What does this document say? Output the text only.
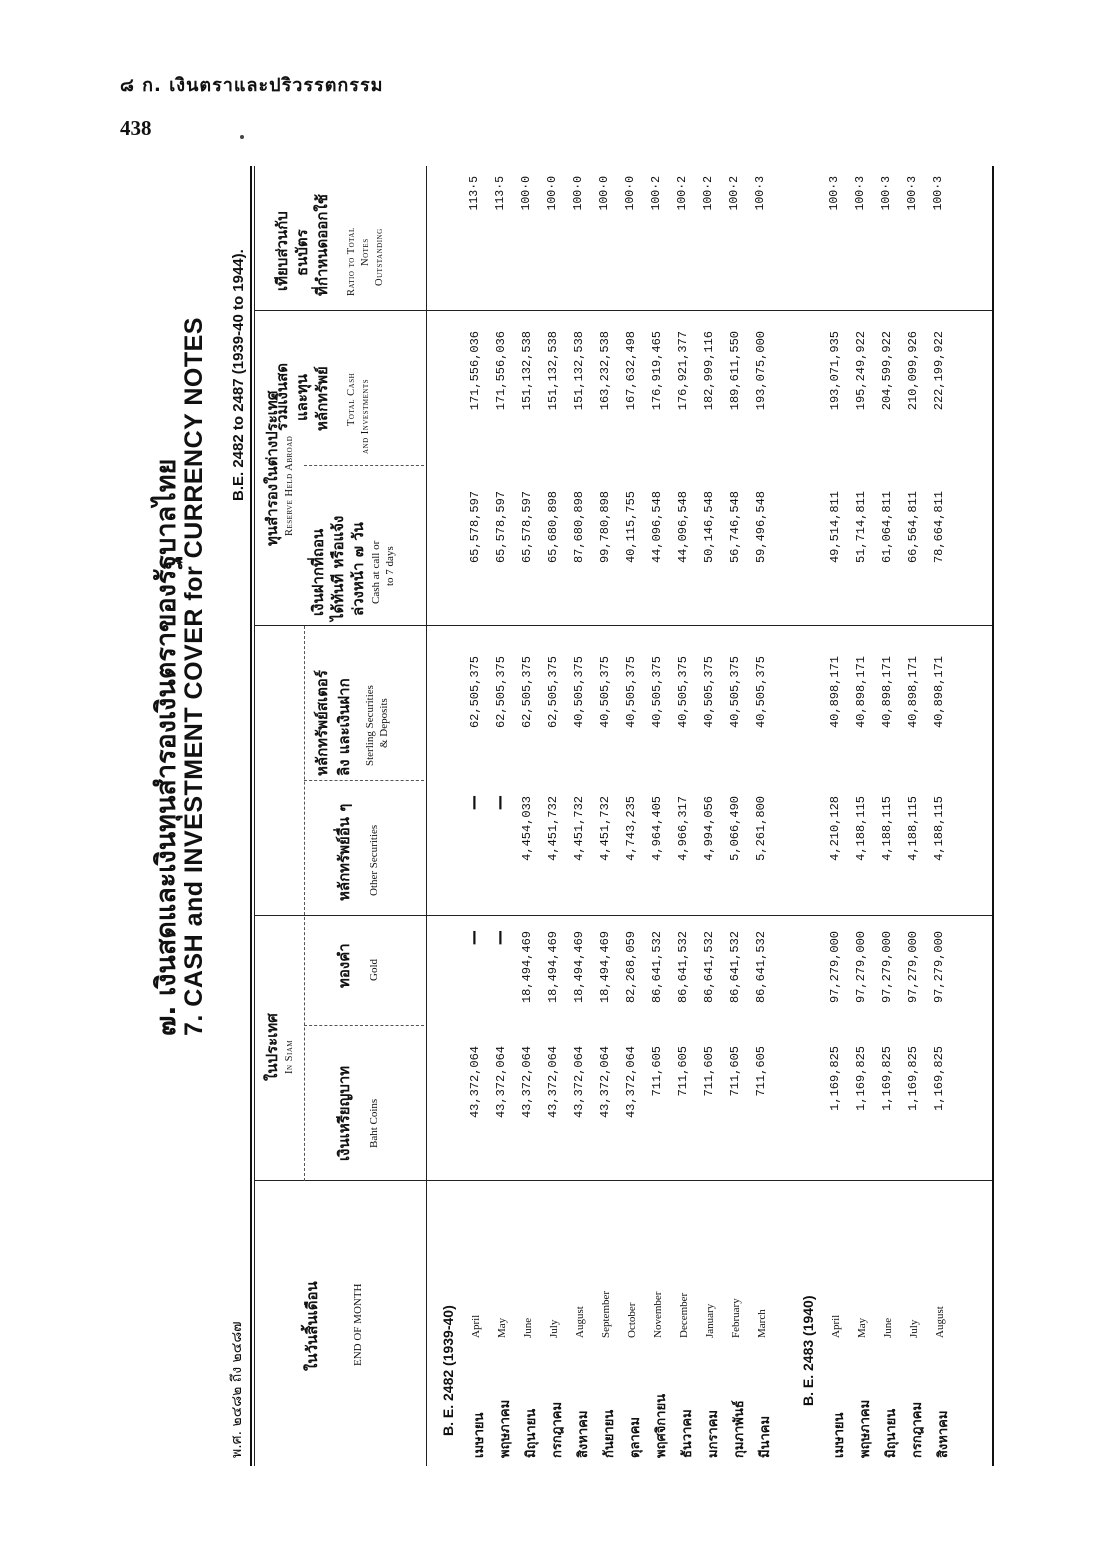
๘ ก. เงินตราและปริวรรตกรรม
438
๗. เงินสดและเงินทุนสำรองเงินตราของรัฐบาลไทย
7. CASH and INVESTMENT COVER for CURRENCY NOTES
พ.ศ. ๒๔๘๒ ถึง ๒๔๘๗
B.E. 2482 to 2487 (1939-40 to 1944).
ในวันสิ้นเดือน	END OF MONTH
ในประเทศ In Siam
ทุนสำรองในต่างประเทศ Reserve Held Abroad
เงินเหรียญบาท Baht Coins
ทองคำ Gold
หลักทรัพย์อื่น ๆ Other Securities
หลักทรัพย์สเตอร์ ลิง และเงินฝาก Sterling Securities & Deposits
เงินฝากที่ถอน ได้ทันที หรือแจ้ง ล่วงหน้า ๗ วัน Cash at call or to 7 days
รวมเงินสด และทุน หลักทรัพย์ Total Cash and Investments
เทียบส่วนกับ ธนบัตร ที่กำหนดออกใช้ Ratio to Total Notes Outstanding
B. E. 2482 (1939-40)	B. E. 2483 (1940)
เมษายน
April
43,372,064
—
—
62,505,375
65,578,597
171,556,036
113·5
พฤษภาคม
May
43,372,064
—
—
62,505,375
65,578,597
171,556,036
113·5
มิถุนายน
June
43,372,064
18,494,469
4,454,033
62,505,375
65,578,597
151,132,538
100·0
กรกฎาคม
July
43,372,064
18,494,469
4,451,732
62,505,375
65,680,898
151,132,538
100·0
สิงหาคม
August
43,372,064
18,494,469
4,451,732
40,505,375
87,680,898
151,132,538
100·0
กันยายน
September
43,372,064
18,494,469
4,451,732
40,505,375
99,780,898
163,232,538
100·0
ตุลาคม
October
43,372,064
82,268,059
4,743,235
40,505,375
40,115,755
167,632,498
100·0
พฤศจิกายน
November
711,605
86,641,532
4,964,405
40,505,375
44,096,548
176,919,465
100·2
ธันวาคม
December
711,605
86,641,532
4,966,317
40,505,375
44,096,548
176,921,377
100·2
มกราคม
January
711,605
86,641,532
4,994,056
40,505,375
50,146,548
182,999,116
100·2
กุมภาพันธ์
February
711,605
86,641,532
5,066,490
40,505,375
56,746,548
189,611,550
100·2
มีนาคม
March
711,605
86,641,532
5,261,800
40,505,375
59,496,548
193,075,000
100·3
เมษายน
April
1,169,825
97,279,000
4,210,128
40,898,171
49,514,811
193,071,935
100·3
พฤษภาคม
May
1,169,825
97,279,000
4,188,115
40,898,171
51,714,811
195,249,922
100·3
มิถุนายน
June
1,169,825
97,279,000
4,188,115
40,898,171
61,064,811
204,599,922
100·3
กรกฎาคม
July
1,169,825
97,279,000
4,188,115
40,898,171
66,564,811
210,099,926
100·3
สิงหาคม
August
1,169,825
97,279,000
4,188,115
40,898,171
78,664,811
222,199,922
100·3
